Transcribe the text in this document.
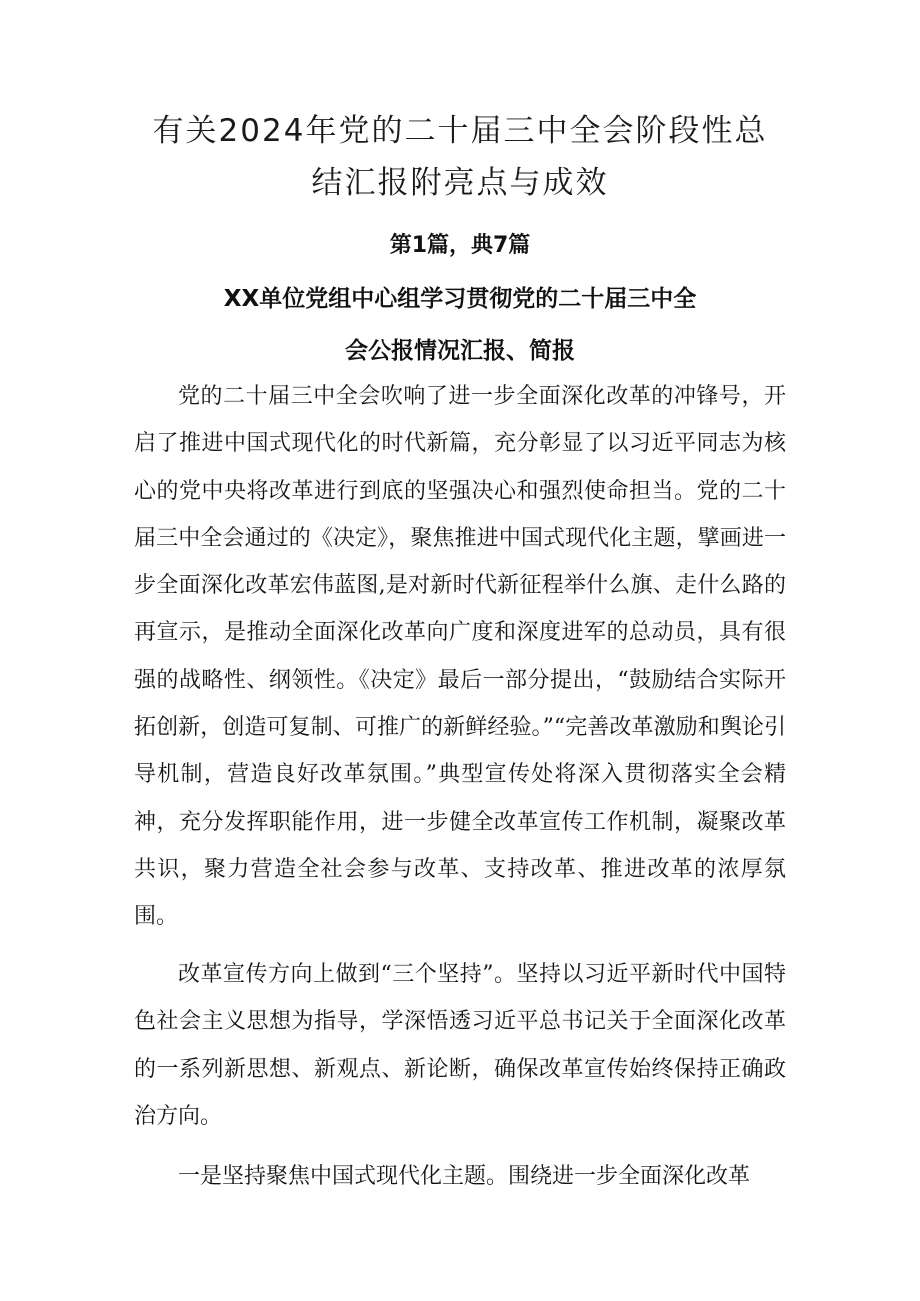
有关2024年党的二十届三中全会阶段性总
结汇报附亮点与成效
第1篇，典7篇
XX单位党组中心组学习贯彻党的二十届三中全
会公报情况汇报、简报

党的二十届三中全会吹响了进一步全面深化改革的冲锋号，开启了推进中国式现代化的时代新篇，充分彰显了以习近平同志为核心的党中央将改革进行到底的坚强决心和强烈使命担当。党的二十届三中全会通过的《决定》，聚焦推进中国式现代化主题，擘画进一步全面深化改革宏伟蓝图,是对新时代新征程举什么旗、走什么路的再宣示，是推动全面深化改革向广度和深度进军的总动员，具有很强的战略性、纲领性。《决定》最后一部分提出，“鼓励结合实际开拓创新，创造可复制、可推广的新鲜经验。”“完善改革激励和舆论引导机制，营造良好改革氛围。”典型宣传处将深入贯彻落实全会精神，充分发挥职能作用，进一步健全改革宣传工作机制，凝聚改革共识，聚力营造全社会参与改革、支持改革、推进改革的浓厚氛围。

改革宣传方向上做到“三个坚持”。坚持以习近平新时代中国特色社会主义思想为指导，学深悟透习近平总书记关于全面深化改革的一系列新思想、新观点、新论断，确保改革宣传始终保持正确政治方向。

一是坚持聚焦中国式现代化主题。围绕进一步全面深化改革
